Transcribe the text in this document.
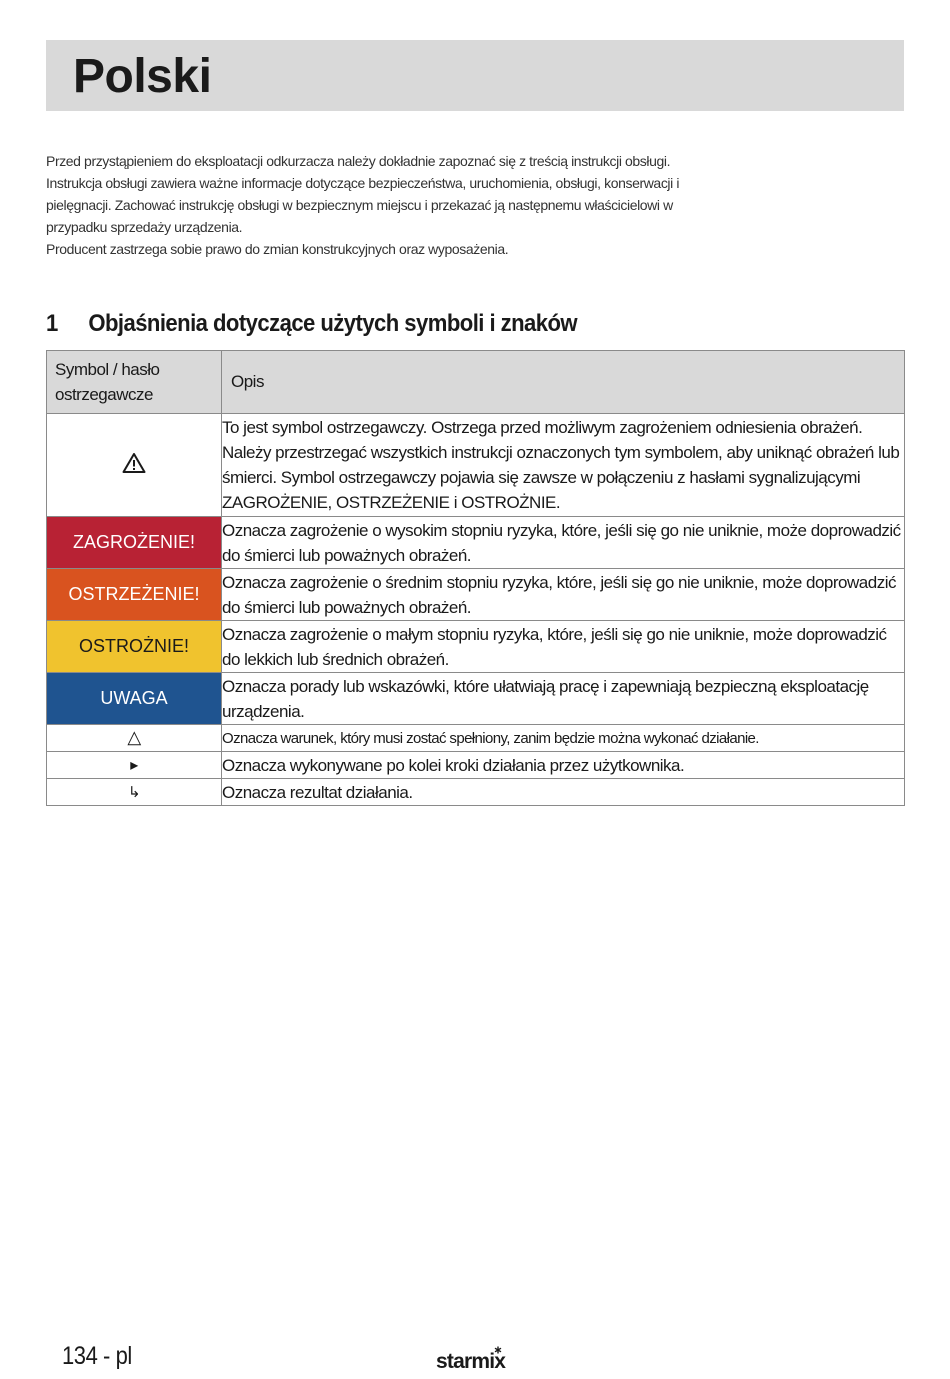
Polski

Przed przystąpieniem do eksploatacji odkurzacza należy dokładnie zapoznać się z treścią instrukcji obsługi. Instrukcja obsługi zawiera ważne informacje dotyczące bezpieczeństwa, uruchomienia, obsługi, konserwacji i pielęgnacji. Zachować instrukcję obsługi w bezpiecznym miejscu i przekazać ją następnemu właścicielowi w przypadku sprzedaży urządzenia.

Producent zastrzega sobie prawo do zmian konstrukcyjnych oraz wyposażenia.

1 Objaśnienia dotyczące użytych symboli i znaków
Symbol / hasło ostrzegawcze	Opis
	To jest symbol ostrzegawczy. Ostrzega przed możliwym zagrożeniem odniesienia obrażeń. Należy przestrzegać wszystkich instrukcji oznaczonych tym symbolem, aby uniknąć obrażeń lub śmierci. Symbol ostrzegawczy pojawia się zawsze w połączeniu z hasłami sygnalizującymi ZAGROŻENIE, OSTRZEŻENIE i OSTROŻNIE.
ZAGROŻENIE!	Oznacza zagrożenie o wysokim stopniu ryzyka, które, jeśli się go nie uniknie, może doprowadzić do śmierci lub poważnych obrażeń.
OSTRZEŻENIE!	Oznacza zagrożenie o średnim stopniu ryzyka, które, jeśli się go nie uniknie, może doprowadzić do śmierci lub poważnych obrażeń.
OSTROŻNIE!	Oznacza zagrożenie o małym stopniu ryzyka, które, jeśli się go nie uniknie, może doprowadzić do lekkich lub średnich obrażeń.
UWAGA	Oznacza porady lub wskazówki, które ułatwiają pracę i zapewniają bezpieczną eksploatację urządzenia.
△	Oznacza warunek, który musi zostać spełniony, zanim będzie można wykonać działanie.
▸	Oznacza wykonywane po kolei kroki działania przez użytkownika.
↳	Oznacza rezultat działania.
134 - pl	starmix
